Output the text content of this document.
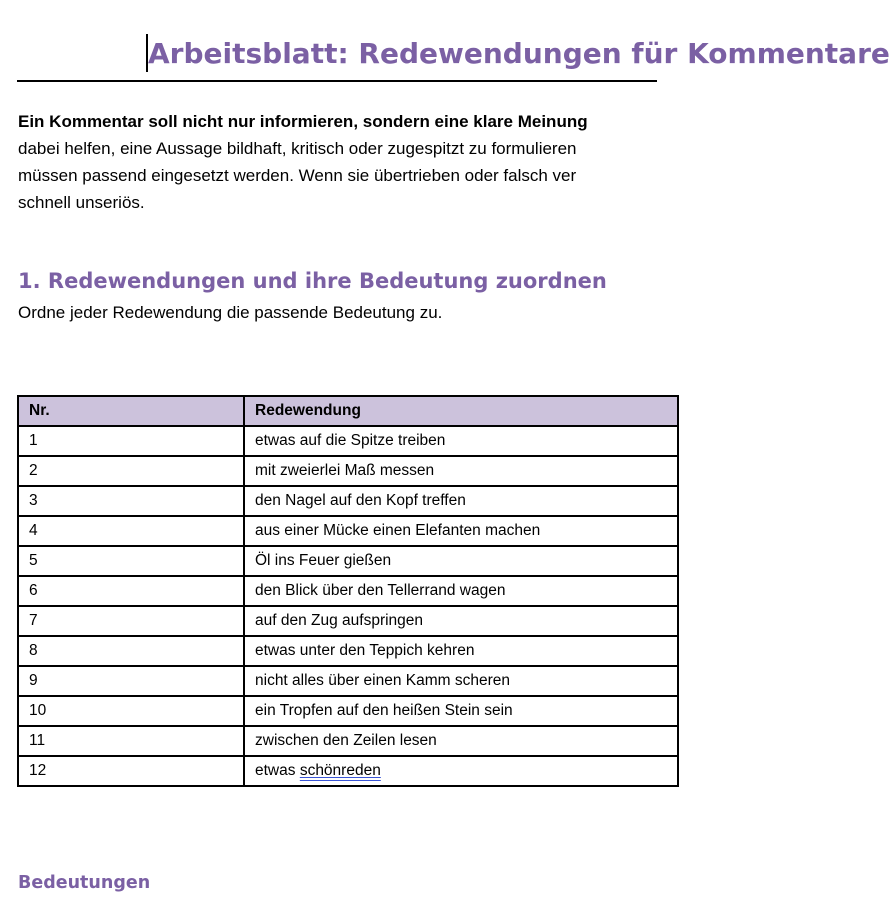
Arbeitsblatt: Redewendungen für Kommentare

Ein Kommentar soll nicht nur informieren, sondern eine klare Meinung
dabei helfen, eine Aussage bildhaft, kritisch oder zugespitzt zu formulieren
müssen passend eingesetzt werden. Wenn sie übertrieben oder falsch ver
schnell unseriös.

1. Redewendungen und ihre Bedeutung zuordnen

Ordne jeder Redewendung die passende Bedeutung zu.

Nr.	Redewendung
1	etwas auf die Spitze treiben
2	mit zweierlei Maß messen
3	den Nagel auf den Kopf treffen
4	aus einer Mücke einen Elefanten machen
5	Öl ins Feuer gießen
6	den Blick über den Tellerrand wagen
7	auf den Zug aufspringen
8	etwas unter den Teppich kehren
9	nicht alles über einen Kamm scheren
10	ein Tropfen auf den heißen Stein sein
11	zwischen den Zeilen lesen
12	etwas schönreden
Bedeutungen
